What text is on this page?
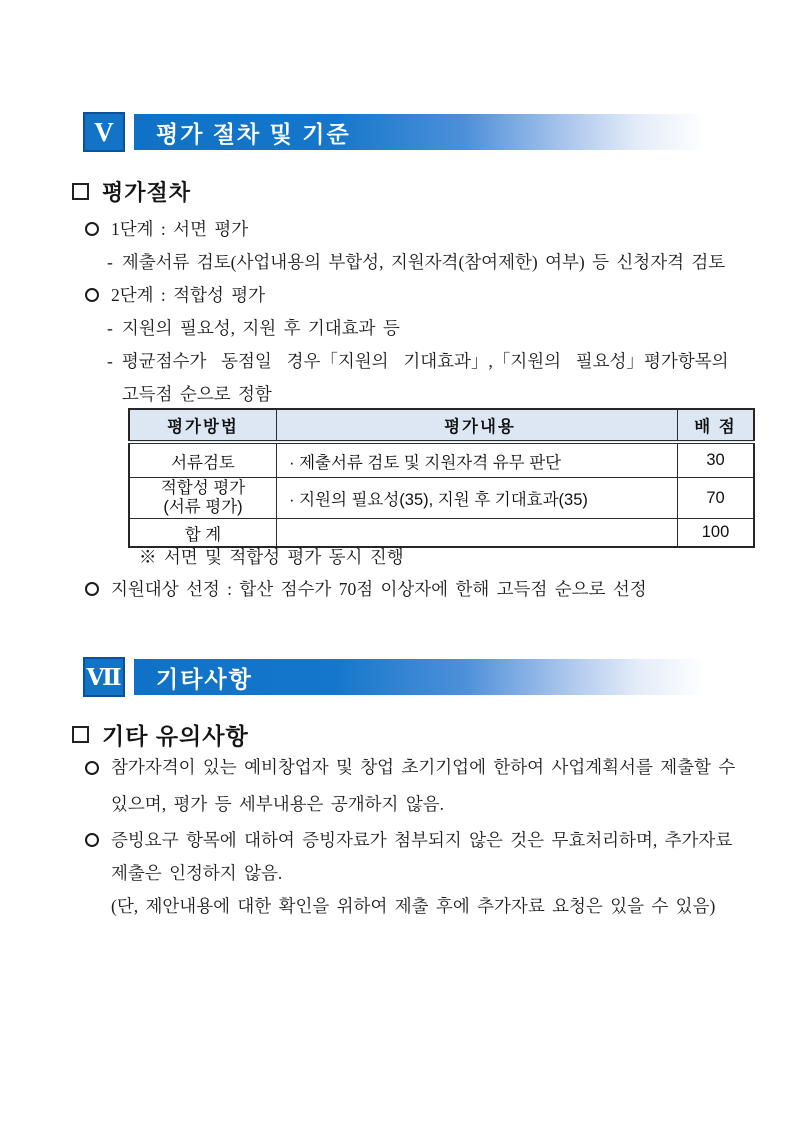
V 평가 절차 및 기준
평가절차
1단계 : 서면 평가
- 제출서류 검토(사업내용의 부합성, 지원자격(참여제한) 여부) 등 신청자격 검토
2단계 : 적합성 평가
- 지원의 필요성, 지원 후 기대효과 등
- 평균점수가  동점일  경우「지원의  기대효과」,「지원의  필요성」평가항목의
고득점 순으로 정함
평가방법	평가내용	배 점
서류검토	· 제출서류 검토 및 지원자격 유무 판단	30

적합성 평가
(서류 평가)	· 지원의 필요성(35), 지원 후 기대효과(35)	70
합 계		100
※ 서면 및 적합성 평가 동시 진행
지원대상 선정 : 합산 점수가 70점 이상자에 한해 고득점 순으로 선정
Ⅶ 기타사항
기타 유의사항
참가자격이 있는 예비창업자 및 창업 초기기업에 한하여 사업계획서를 제출할 수
있으며, 평가 등 세부내용은 공개하지 않음.
증빙요구 항목에 대하여 증빙자료가 첨부되지 않은 것은 무효처리하며, 추가자료
제출은 인정하지 않음.
(단, 제안내용에 대한 확인을 위하여 제출 후에 추가자료 요청은 있을 수 있음)
